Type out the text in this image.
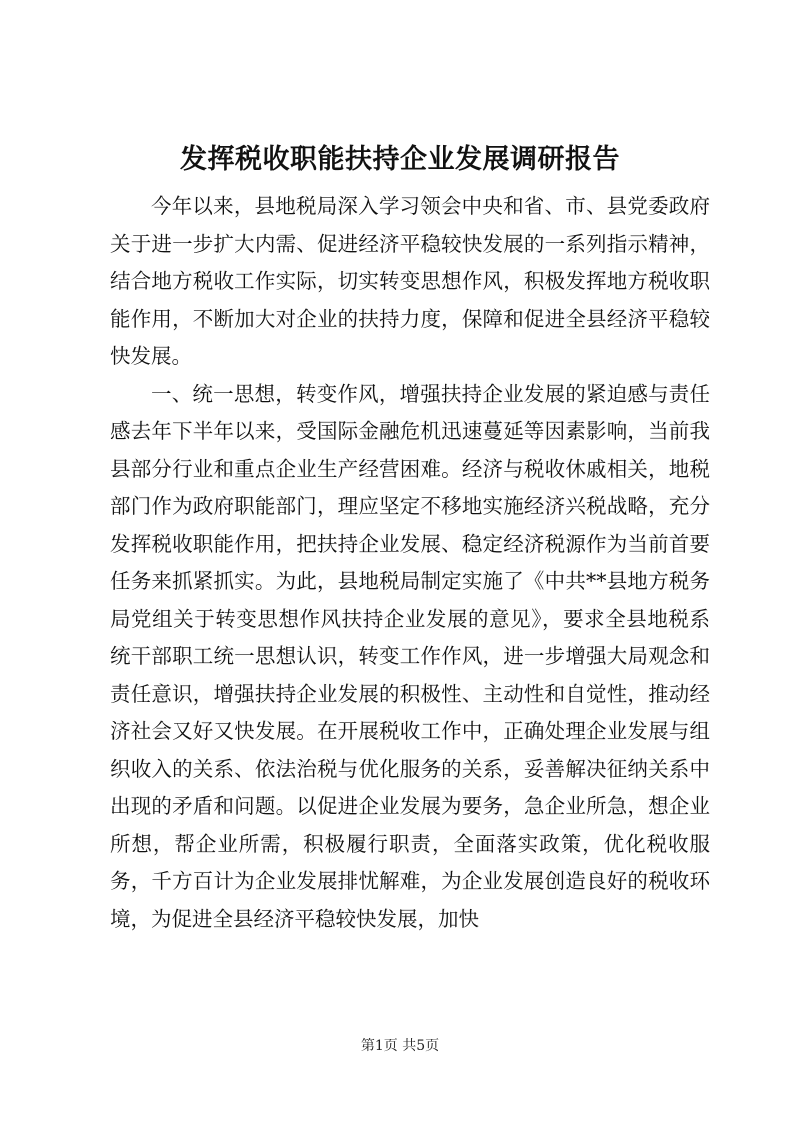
发挥税收职能扶持企业发展调研报告

今年以来，县地税局深入学习领会中央和省、市、县党委政府关于进一步扩大内需、促进经济平稳较快发展的一系列指示精神，结合地方税收工作实际，切实转变思想作风，积极发挥地方税收职能作用，不断加大对企业的扶持力度，保障和促进全县经济平稳较快发展。

一、统一思想，转变作风，增强扶持企业发展的紧迫感与责任感去年下半年以来，受国际金融危机迅速蔓延等因素影响，当前我县部分行业和重点企业生产经营困难。经济与税收休戚相关，地税部门作为政府职能部门，理应坚定不移地实施经济兴税战略，充分发挥税收职能作用，把扶持企业发展、稳定经济税源作为当前首要任务来抓紧抓实。为此，县地税局制定实施了《中共**县地方税务局党组关于转变思想作风扶持企业发展的意见》，要求全县地税系统干部职工统一思想认识，转变工作作风，进一步增强大局观念和责任意识，增强扶持企业发展的积极性、主动性和自觉性，推动经济社会又好又快发展。在开展税收工作中，正确处理企业发展与组织收入的关系、依法治税与优化服务的关系，妥善解决征纳关系中出现的矛盾和问题。以促进企业发展为要务，急企业所急，想企业所想，帮企业所需，积极履行职责，全面落实政策，优化税收服务，千方百计为企业发展排忧解难，为企业发展创造良好的税收环境，为促进全县经济平稳较快发展，加快

第1页 共5页
